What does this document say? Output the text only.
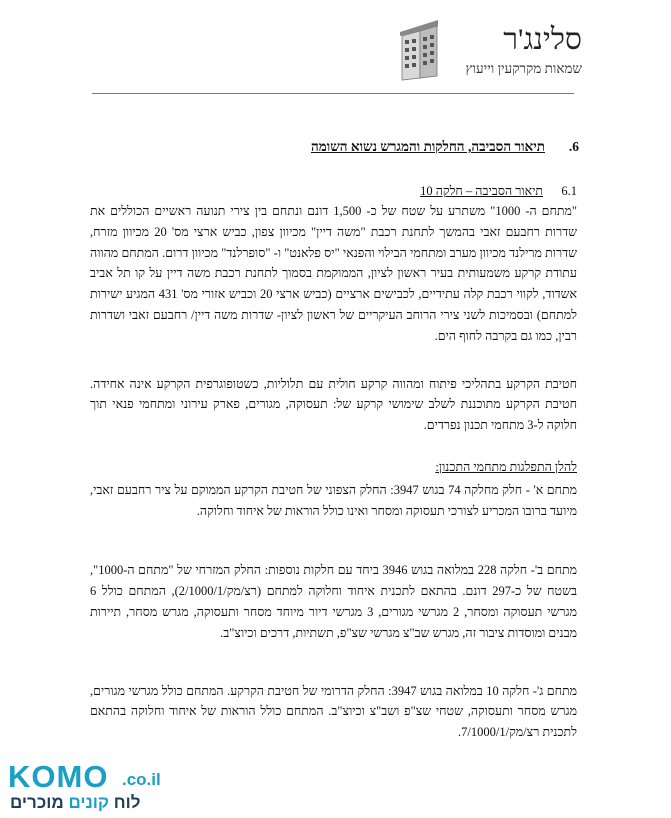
סלינג'ר
שמאות מקרקעין וייעוץ
6.
תיאור הסביבה, החלקות והמגרש נשוא השומה
6.1
תיאור הסביבה – חלקה 10

"מתחם ה- 1000" משתרע על שטח של כ- 1,500 דונם ונתחם בין צירי תנועה ראשיים הכוללים את שדרות רחבעם זאבי בהמשך לתחנת רכבת "משה דיין" מכיוון צפון, כביש ארצי מס' 20 מכיוון מזרח, שדרות מרילנד מכיוון מערב ומתחמי הבילוי והפנאי "יס פלאנט" ו- "סופרלנד" מכיוון דרום. המתחם מהווה עתודת קרקע משמעותית בעיר ראשון לציון, הממוקמת בסמוך לתחנת רכבת משה דיין על קו תל אביב אשדוד, לקווי רכבת קלה עתידיים, לכבישים ארציים (כביש ארצי 20 וכביש אזורי מס' 431 המגיע ישירות למתחם) ובסמיכות לשני צירי הרוחב העיקריים של ראשון לציון- שדרות משה דיין/ רחבעם זאבי ושדרות רבין, כמו גם בקרבה לחוף הים.

חטיבת הקרקע בתהליכי פיתוח ומהווה קרקע חולית עם תלוליות, כשטופוגרפית הקרקע אינה אחידה. חטיבת הקרקע מתוכננת לשלב שימושי קרקע של: תעסוקה, מגורים, פארק עירוני ומתחמי פנאי תוך חלוקה ל-3 מתחמי תכנון נפרדים.

להלן התפלגות מתחמי התכנון:

מתחם א' - חלק מחלקה 74 בגוש 3947: החלק הצפוני של חטיבת הקרקע הממוקם על ציר רחבעם זאבי, מיועד ברובו המכריע לצורכי תעסוקה ומסחר ואינו כולל הוראות של איחוד וחלוקה.

מתחם ב'- חלקה 228 במלואה בגוש 3946 ביחד עם חלקות נוספות: החלק המזרחי של "מתחם ה-1000", בשטח של כ-297 דונם. בהתאם לתכנית איחוד וחלוקה למתחם (רצ/מק/2/1000/1), המתחם כולל 6 מגרשי תעסוקה ומסחר, 2 מגרשי מגורים, 3 מגרשי דיור מיוחד מסחר ותעסוקה, מגרש מסחר, תיירות מבנים ומוסדות ציבור זה, מגרש שב"צ מגרשי שצ"פ, תשתיות, דרכים וכיוצ"ב.

מתחם ג'- חלקה 10 במלואה בגוש 3947: החלק הדרומי של חטיבת הקרקע. המתחם כולל מגרשי מגורים, מגרש מסחר ותעסוקה, שטחי שצ"פ ושב"צ וכיוצ"ב. המתחם כולל הוראות של איחוד וחלוקה בהתאם לתכנית רצ/מק/7/1000/1.

KOMO .co.il
לוח קונים מוכרים
